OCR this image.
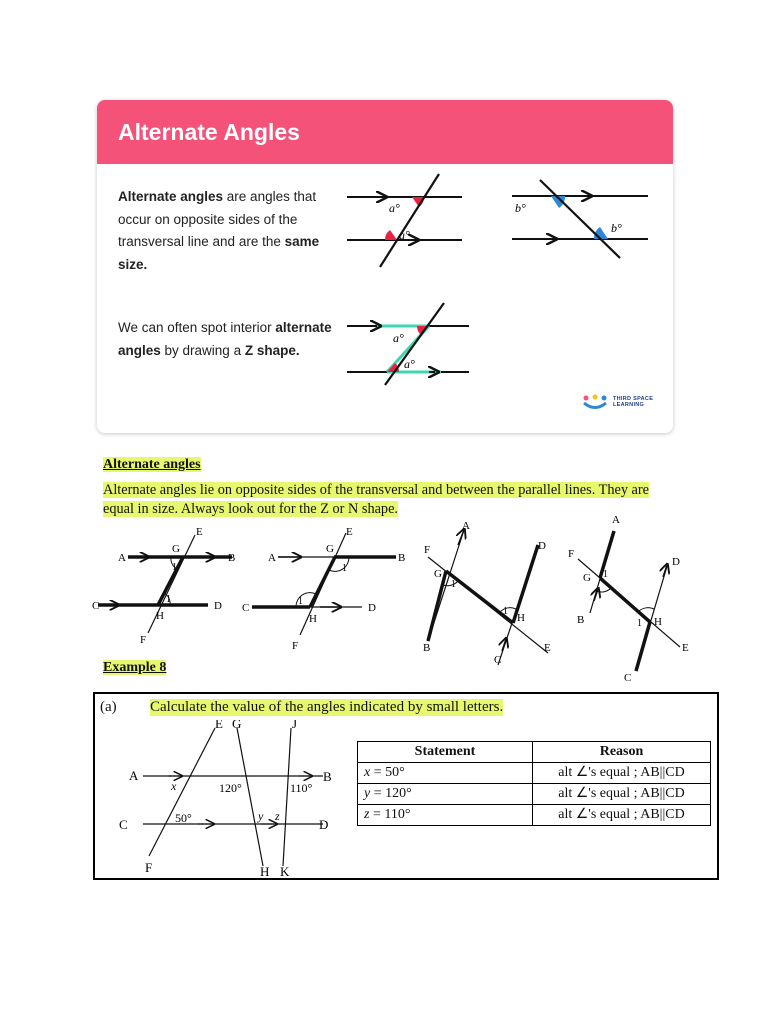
Alternate Angles
Alternate angles are angles that occur on opposite sides of the transversal line and are the same size.
We can often spot interior alternate angles by drawing a Z shape.
a°
a°
b°
b°
a°
a°
THIRD SPACE
LEARNING
Alternate angles
Alternate angles lie on opposite sides of the transversal and between the parallel lines. They are equal in size. Always look out for the Z or N shape.
A	B
C	D
E
F
G
H
1
1
A	B
C	D
E
F
G
H
1
1
A
B
C
D
E
F
G
H
1
1
A
B
C
D
E
F
G
H
1
1
Example 8
(a) Calculate the value of the angles indicated by small letters.
E G	J
A	B
C	D
F	H K
x	120°	110°
50°	y z
Statement	Reason
x = 50°	alt ∠'s equal ; AB||CD
y = 120°	alt ∠'s equal ; AB||CD
z = 110°	alt ∠'s equal ; AB||CD
